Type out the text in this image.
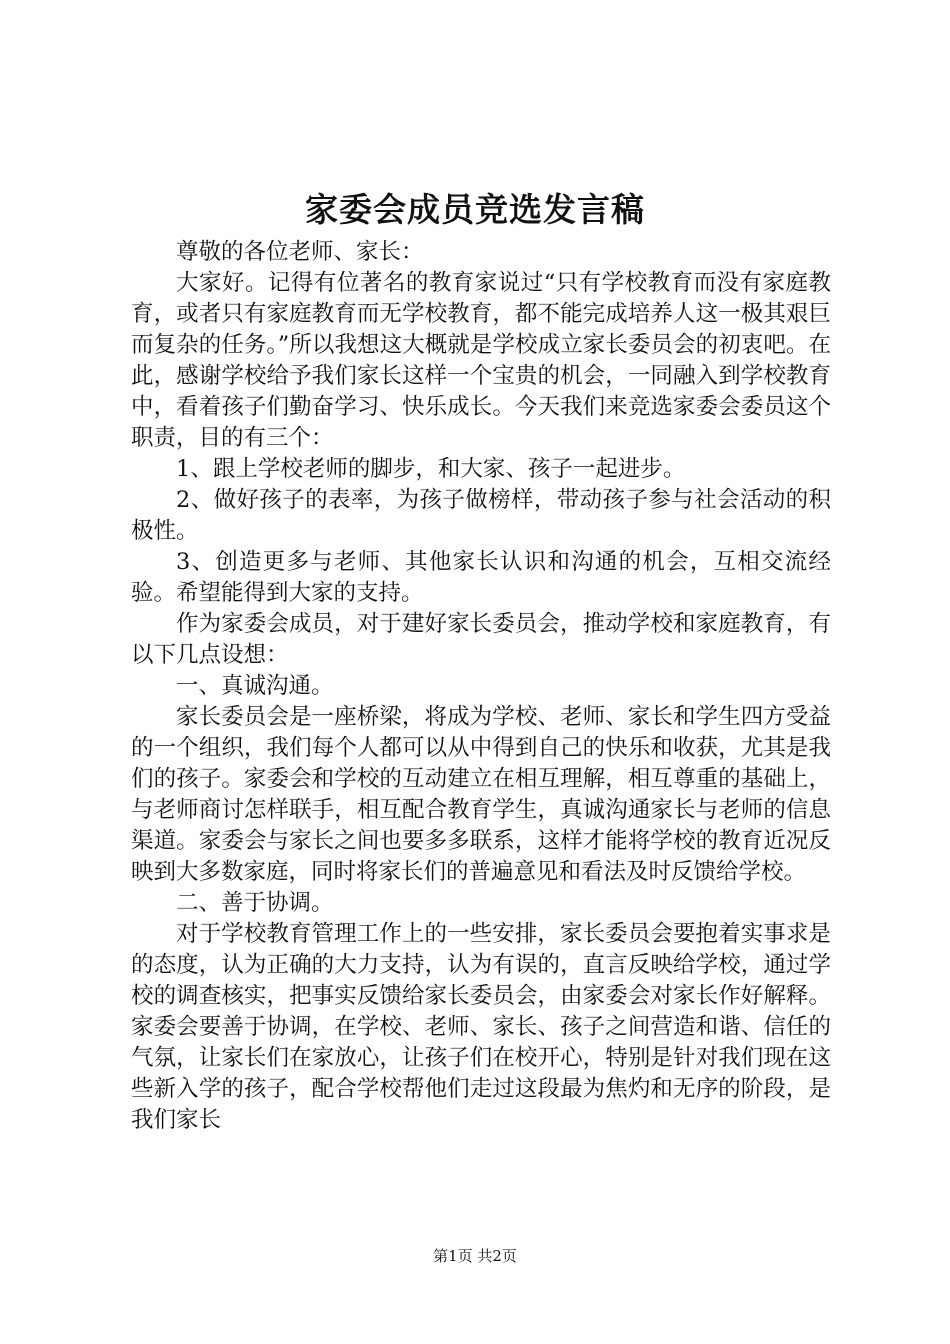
家委会成员竞选发言稿

尊敬的各位老师、家长：

大家好。记得有位著名的教育家说过“只有学校教育而没有家庭教育，或者只有家庭教育而无学校教育，都不能完成培养人这一极其艰巨而复杂的任务。”所以我想这大概就是学校成立家长委员会的初衷吧。在此，感谢学校给予我们家长这样一个宝贵的机会，一同融入到学校教育中，看着孩子们勤奋学习、快乐成长。今天我们来竞选家委会委员这个职责，目的有三个：

1、跟上学校老师的脚步，和大家、孩子一起进步。

2、做好孩子的表率，为孩子做榜样，带动孩子参与社会活动的积极性。

3、创造更多与老师、其他家长认识和沟通的机会，互相交流经验。希望能得到大家的支持。

作为家委会成员，对于建好家长委员会，推动学校和家庭教育，有以下几点设想：

一、真诚沟通。

家长委员会是一座桥梁，将成为学校、老师、家长和学生四方受益的一个组织，我们每个人都可以从中得到自己的快乐和收获，尤其是我们的孩子。家委会和学校的互动建立在相互理解，相互尊重的基础上，与老师商讨怎样联手，相互配合教育学生，真诚沟通家长与老师的信息渠道。家委会与家长之间也要多多联系，这样才能将学校的教育近况反映到大多数家庭，同时将家长们的普遍意见和看法及时反馈给学校。

二、善于协调。

对于学校教育管理工作上的一些安排，家长委员会要抱着实事求是的态度，认为正确的大力支持，认为有误的，直言反映给学校，通过学校的调查核实，把事实反馈给家长委员会，由家委会对家长作好解释。家委会要善于协调，在学校、老师、家长、孩子之间营造和谐、信任的气氛，让家长们在家放心，让孩子们在校开心，特别是针对我们现在这些新入学的孩子，配合学校帮他们走过这段最为焦灼和无序的阶段，是我们家长

第1页 共2页
